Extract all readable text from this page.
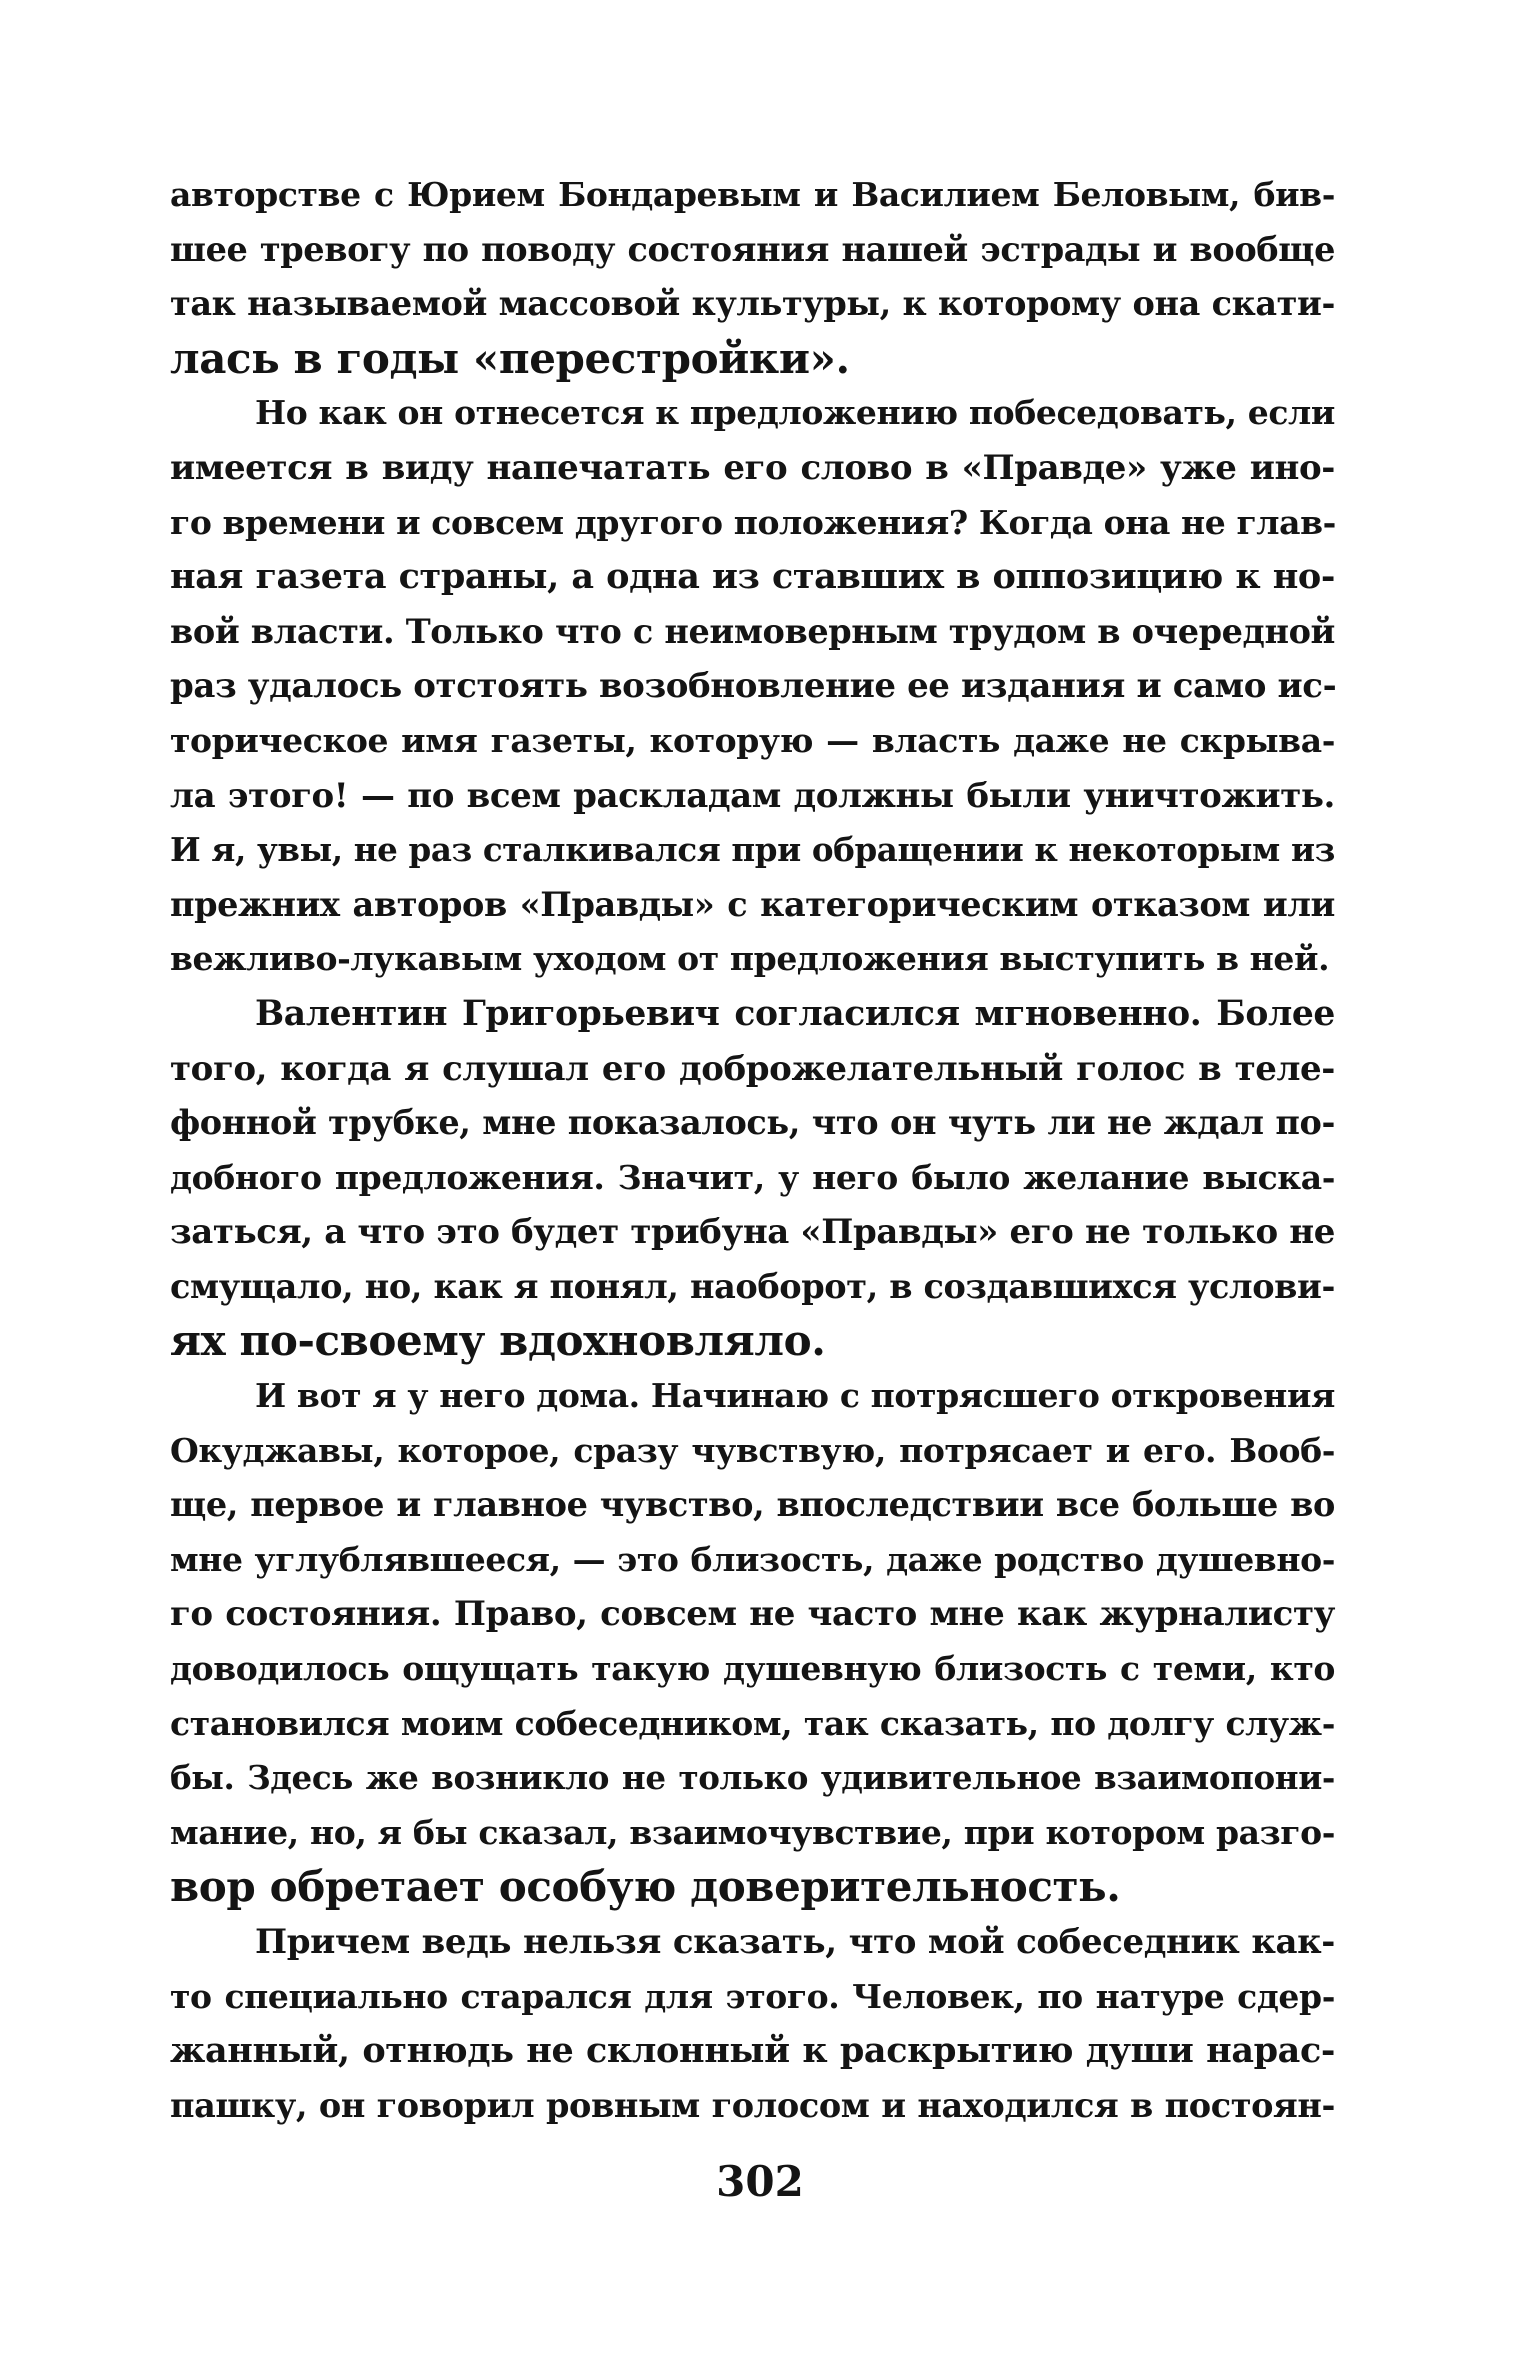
авторстве с Юрием Бондаревым и Василием Беловым, бив-
шее тревогу по поводу состояния нашей эстрады и вообще
так называемой массовой культуры, к которому она скати-
лась в годы «перестройки».
Но как он отнесется к предложению побеседовать, если
имеется в виду напечатать его слово в «Правде» уже ино-
го времени и совсем другого положения? Когда она не глав-
ная газета страны, а одна из ставших в оппозицию к но-
вой власти. Только что с неимоверным трудом в очередной
раз удалось отстоять возобновление ее издания и само ис-
торическое имя газеты, которую — власть даже не скрыва-
ла этого! — по всем раскладам должны были уничтожить.
И я, увы, не раз сталкивался при обращении к некоторым из
прежних авторов «Правды» с категорическим отказом или
вежливо-лукавым уходом от предложения выступить в ней.
Валентин Григорьевич согласился мгновенно. Более
того, когда я слушал его доброжелательный голос в теле-
фонной трубке, мне показалось, что он чуть ли не ждал по-
добного предложения. Значит, у него было желание выска-
заться, а что это будет трибуна «Правды» его не только не
смущало, но, как я понял, наоборот, в создавшихся услови-
ях по-своему вдохновляло.
И вот я у него дома. Начинаю с потрясшего откровения
Окуджавы, которое, сразу чувствую, потрясает и его. Вооб-
ще, первое и главное чувство, впоследствии все больше во
мне углублявшееся, — это близость, даже родство душевно-
го состояния. Право, совсем не часто мне как журналисту
доводилось ощущать такую душевную близость с теми, кто
становился моим собеседником, так сказать, по долгу служ-
бы. Здесь же возникло не только удивительное взаимопони-
мание, но, я бы сказал, взаимочувствие, при котором разго-
вор обретает особую доверительность.
Причем ведь нельзя сказать, что мой собеседник как-
то специально старался для этого. Человек, по натуре сдер-
жанный, отнюдь не склонный к раскрытию души нарас-
пашку, он говорил ровным голосом и находился в постоян-
302
